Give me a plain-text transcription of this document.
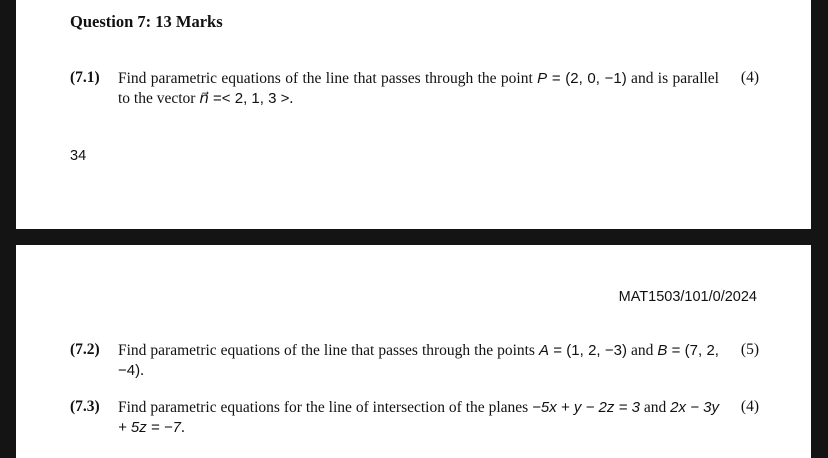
Question 7: 13 Marks
(7.1) Find parametric equations of the line that passes through the point P = (2, 0, −1) and is parallel to the vector n⃗ =< 2, 1, 3 >.
(4)
34
MAT1503/101/0/2024
(7.2) Find parametric equations of the line that passes through the points A = (1, 2, −3) and B = (7, 2, −4).
(5)
(7.3) Find parametric equations for the line of intersection of the planes −5x + y − 2z = 3 and 2x − 3y + 5z = −7.
(4)
